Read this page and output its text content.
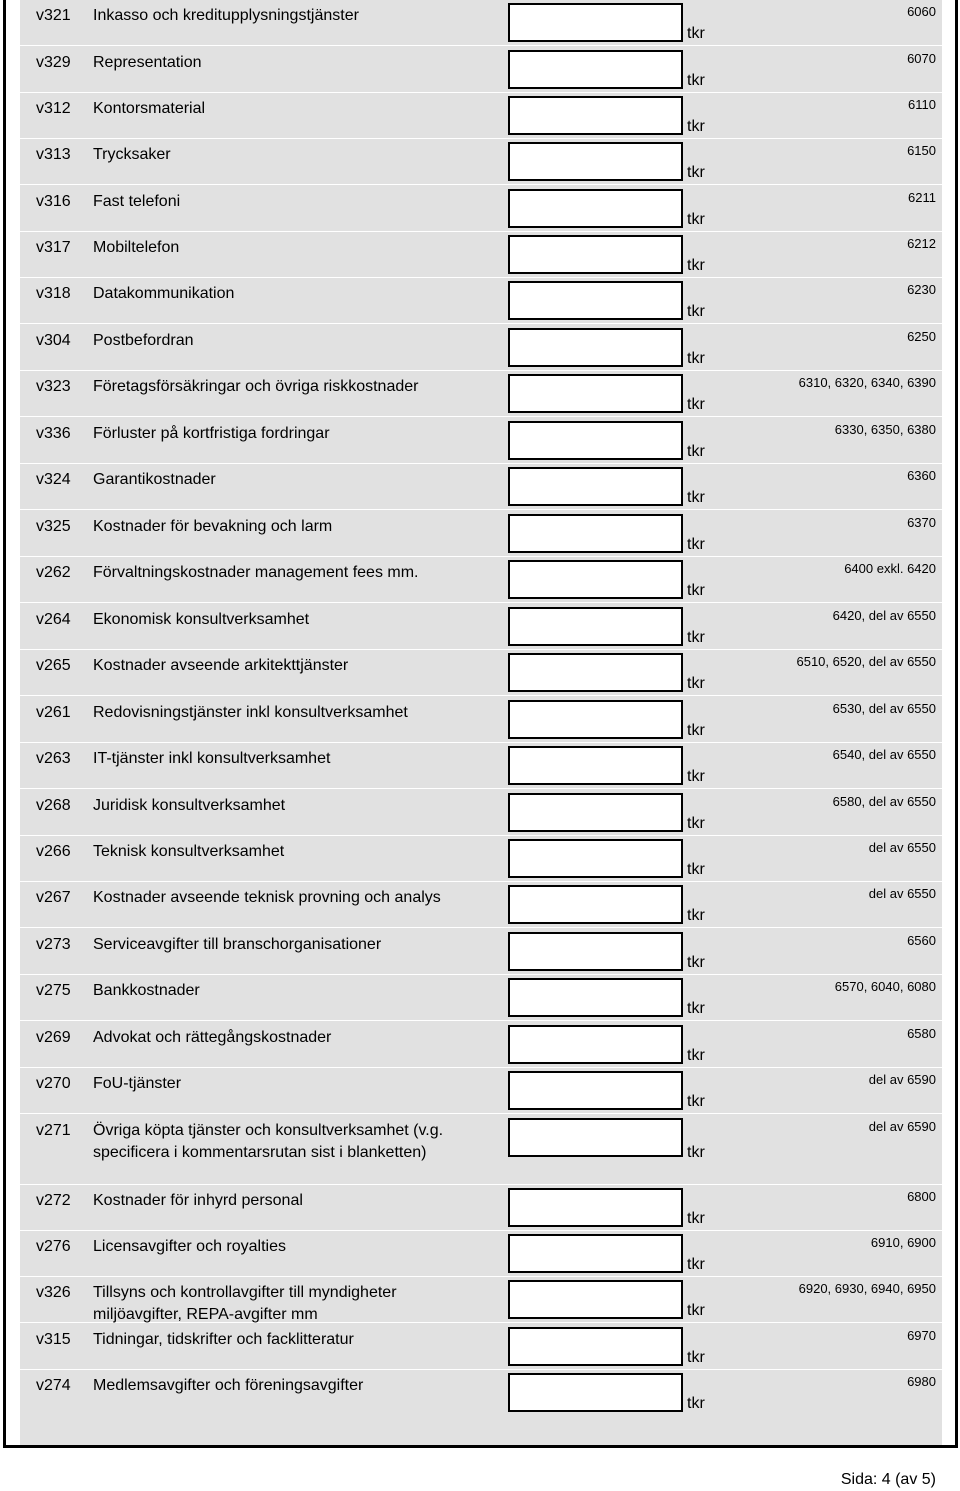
v321 Inkasso och kreditupplysningstjänster
tkr
6060
v329 Representation
tkr
6070
v312 Kontorsmaterial
tkr
6110
v313 Trycksaker
tkr
6150
v316 Fast telefoni
tkr
6211
v317 Mobiltelefon
tkr
6212
v318 Datakommunikation
tkr
6230
v304 Postbefordran
tkr
6250
v323 Företagsförsäkringar och övriga riskkostnader
tkr
6310, 6320, 6340, 6390
v336 Förluster på kortfristiga fordringar
tkr
6330, 6350, 6380
v324 Garantikostnader
tkr
6360
v325 Kostnader för bevakning och larm
tkr
6370
v262 Förvaltningskostnader management fees mm.
tkr
6400 exkl. 6420
v264 Ekonomisk konsultverksamhet
tkr
6420, del av 6550
v265 Kostnader avseende arkitekttjänster
tkr
6510, 6520, del av 6550
v261 Redovisningstjänster inkl konsultverksamhet
tkr
6530, del av 6550
v263 IT-tjänster inkl konsultverksamhet
tkr
6540, del av 6550
v268 Juridisk konsultverksamhet
tkr
6580, del av 6550
v266 Teknisk konsultverksamhet
tkr
del av 6550
v267 Kostnader avseende teknisk provning och analys
tkr
del av 6550
v273 Serviceavgifter till branschorganisationer
tkr
6560
v275 Bankkostnader
tkr
6570, 6040, 6080
v269 Advokat och rättegångskostnader
tkr
6580
v270 FoU-tjänster
tkr
del av 6590
v271 Övriga köpta tjänster och konsultverksamhet (v.g. specificera i kommentarsrutan sist i blanketten)	tkr
del av 6590
v272 Kostnader för inhyrd personal
tkr
6800
v276 Licensavgifter och royalties
tkr
6910, 6900
v326 Tillsyns och kontrollavgifter till myndigheter miljöavgifter, REPA-avgifter mm	tkr
6920, 6930, 6940, 6950
v315 Tidningar, tidskrifter och facklitteratur
tkr
6970
v274 Medlemsavgifter och föreningsavgifter
tkr
6980
Sida: 4 (av 5)
